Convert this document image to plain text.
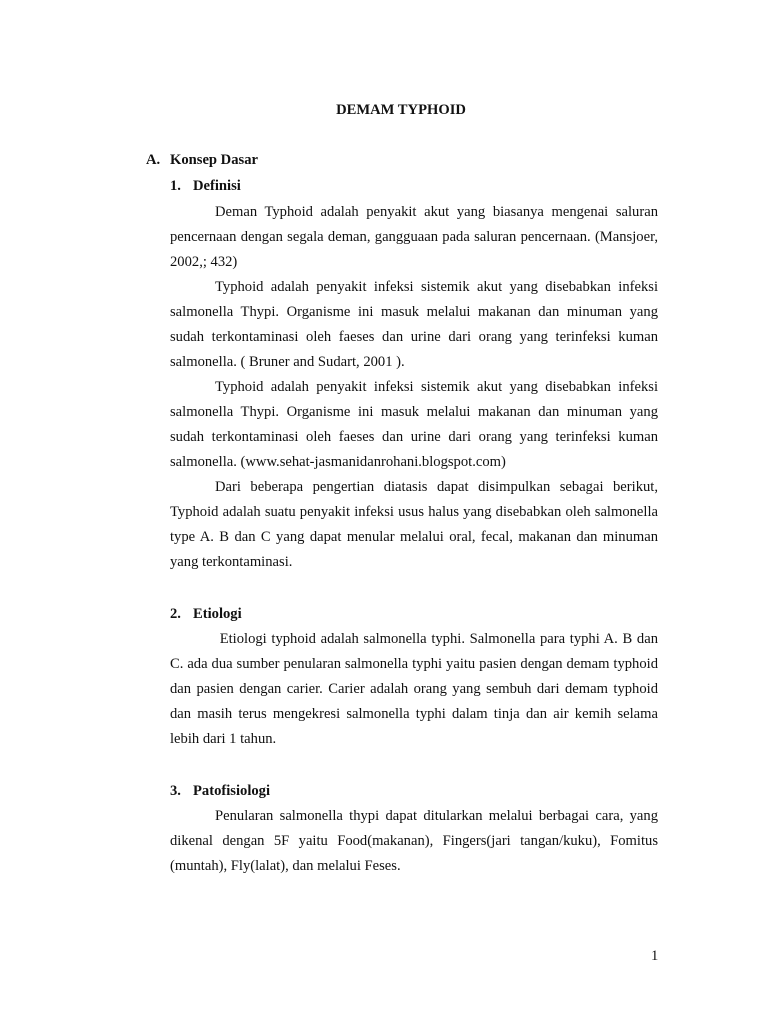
DEMAM TYPHOID
A. Konsep Dasar
1. Definisi

Deman Typhoid adalah penyakit akut yang biasanya mengenai saluran pencernaan dengan segala deman, gangguaan pada saluran pencernaan. (Mansjoer, 2002,; 432)

Typhoid adalah penyakit infeksi sistemik akut yang disebabkan infeksi salmonella Thypi. Organisme ini masuk melalui makanan dan minuman yang sudah terkontaminasi oleh faeses dan urine dari orang yang terinfeksi kuman salmonella. ( Bruner and Sudart, 2001 ).

Typhoid adalah penyakit infeksi sistemik akut yang disebabkan infeksi salmonella Thypi. Organisme ini masuk melalui makanan dan minuman yang sudah terkontaminasi oleh faeses dan urine dari orang yang terinfeksi kuman salmonella. (www.sehat-jasmanidanrohani.blogspot.com)

Dari beberapa pengertian diatasis dapat disimpulkan sebagai berikut, Typhoid adalah suatu penyakit infeksi usus halus yang disebabkan oleh salmonella type A. B dan C yang dapat menular melalui oral, fecal, makanan dan minuman yang terkontaminasi.

2. Etiologi

Etiologi typhoid adalah salmonella typhi. Salmonella para typhi A. B dan C. ada dua sumber penularan salmonella typhi yaitu pasien dengan demam typhoid dan pasien dengan carier. Carier adalah orang yang sembuh dari demam typhoid dan masih terus mengekresi salmonella typhi dalam tinja dan air kemih selama lebih dari 1 tahun.

3. Patofisiologi

Penularan salmonella thypi dapat ditularkan melalui berbagai cara, yang dikenal dengan 5F yaitu Food(makanan), Fingers(jari tangan/kuku), Fomitus (muntah), Fly(lalat), dan melalui Feses.

1
